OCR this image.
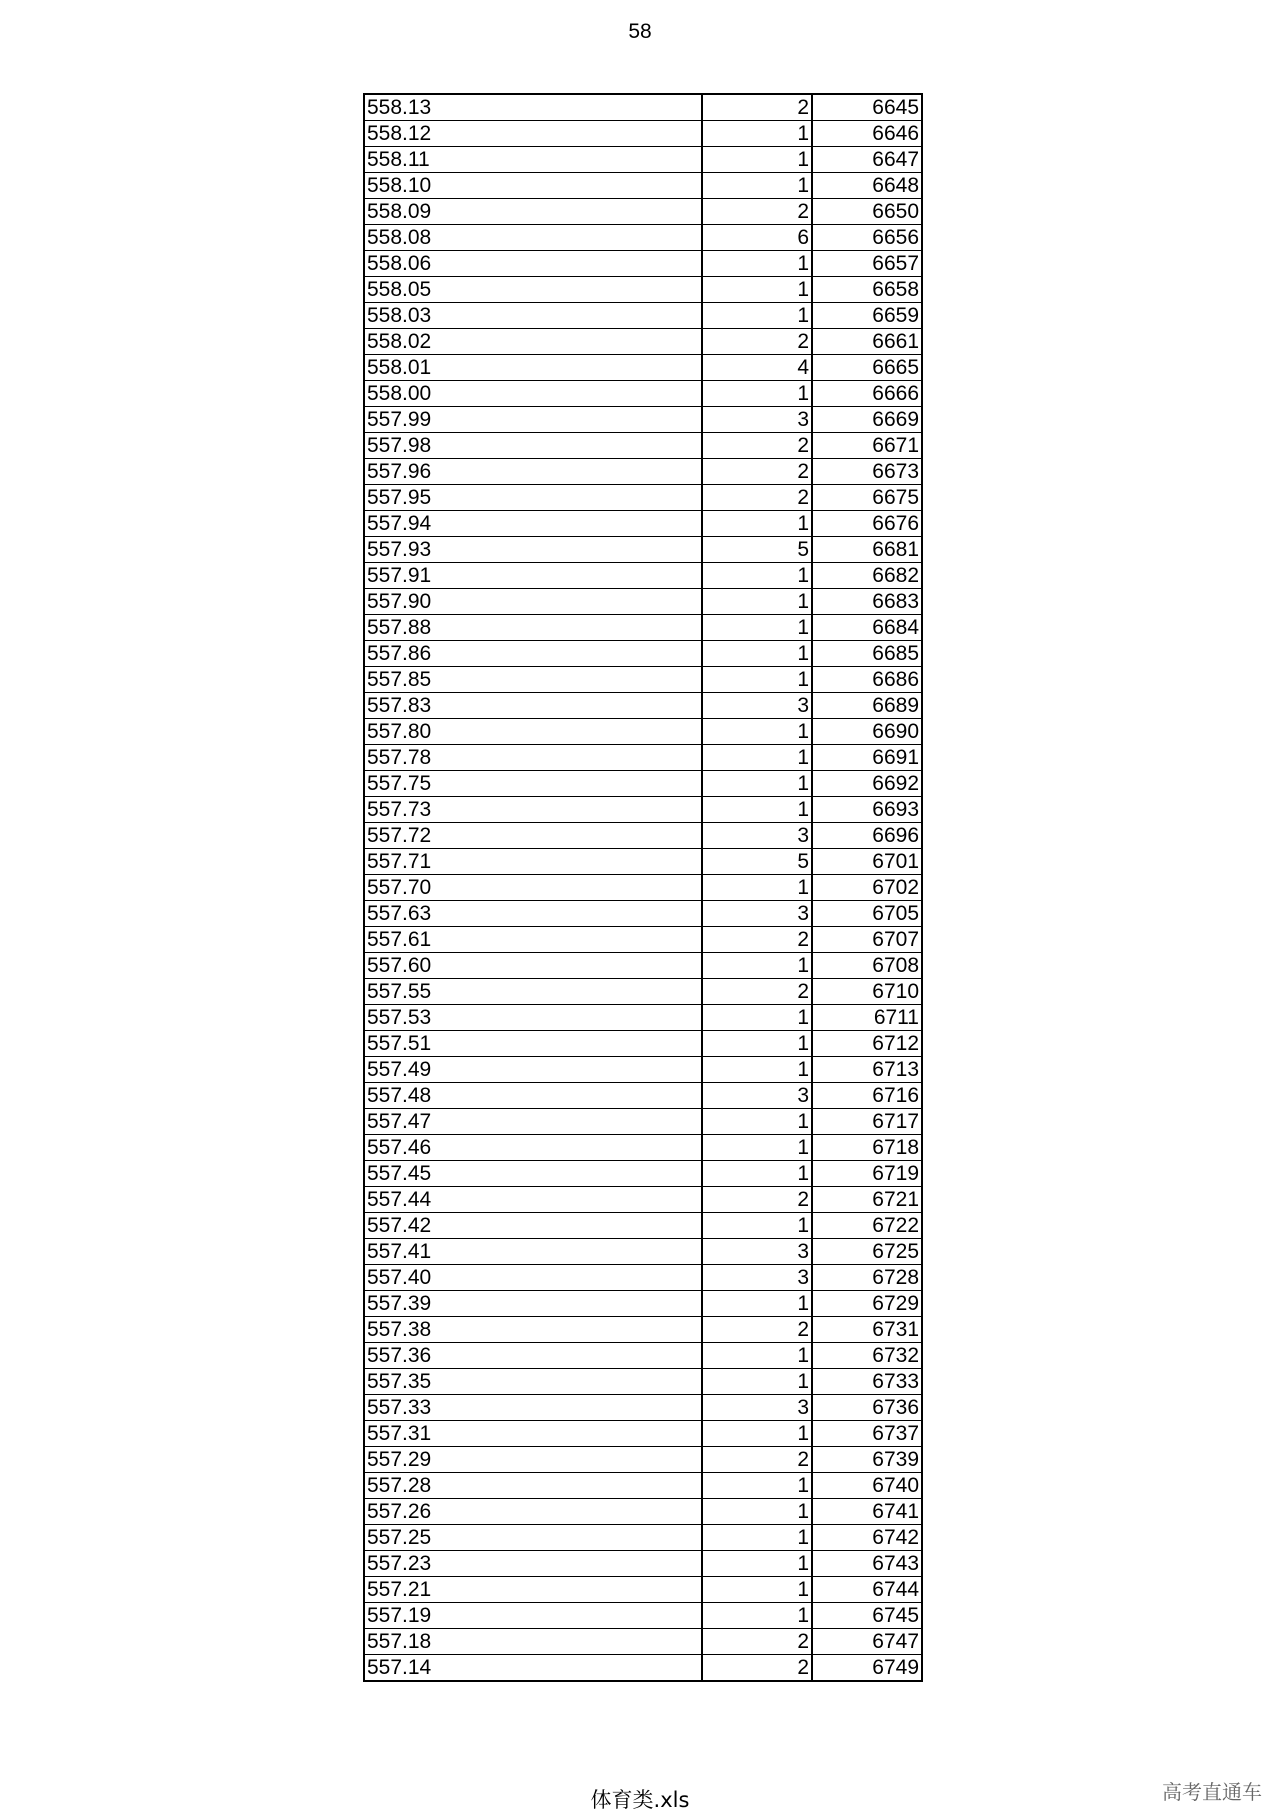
58
558.13	2	6645
558.12	1	6646
558.11	1	6647
558.10	1	6648
558.09	2	6650
558.08	6	6656
558.06	1	6657
558.05	1	6658
558.03	1	6659
558.02	2	6661
558.01	4	6665
558.00	1	6666
557.99	3	6669
557.98	2	6671
557.96	2	6673
557.95	2	6675
557.94	1	6676
557.93	5	6681
557.91	1	6682
557.90	1	6683
557.88	1	6684
557.86	1	6685
557.85	1	6686
557.83	3	6689
557.80	1	6690
557.78	1	6691
557.75	1	6692
557.73	1	6693
557.72	3	6696
557.71	5	6701
557.70	1	6702
557.63	3	6705
557.61	2	6707
557.60	1	6708
557.55	2	6710
557.53	1	6711
557.51	1	6712
557.49	1	6713
557.48	3	6716
557.47	1	6717
557.46	1	6718
557.45	1	6719
557.44	2	6721
557.42	1	6722
557.41	3	6725
557.40	3	6728
557.39	1	6729
557.38	2	6731
557.36	1	6732
557.35	1	6733
557.33	3	6736
557.31	1	6737
557.29	2	6739
557.28	1	6740
557.26	1	6741
557.25	1	6742
557.23	1	6743
557.21	1	6744
557.19	1	6745
557.18	2	6747
557.14	2	6749
体育类.xls	高考直通车
